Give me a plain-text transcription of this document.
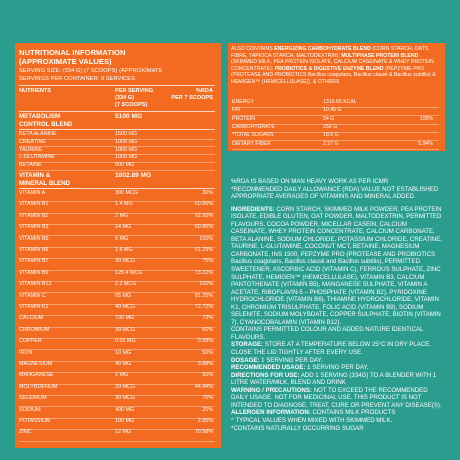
NUTRITIONAL INFORMATION
(APPROXIMATE VALUES)
SERVING SIZE: (334 G) (7 SCOOPS) (APPROXIMATE
SERVINGS PER CONTAINER: 9 SERVICES
NUTRIENTS	PER SERVING
(334 G)
(7 SCOOPS)
%RDA
PER 7 SCOOPS
METABOLISM
CONTROL BLEND
5100 MG
BETA ALANINE	1500 MG
CREATINE	1000 MG
TAURINE	1000 MG
L-GLUTAMINE	1000 MG
BETAINE	600 MG
VITAMIN &
MINERAL BLEND
1802.89 MG
VITAMIN A	300 MCG	30%
VITAMIN B1	1.4 MG	60.86%
VITAMIN B2	2 MG	62.50%
VITAMIN B3	14 MG	60.86%
VITAMIN B5	5 MG	100%
VITAMIN B6	1.6 MG	61.29%
VITAMIN B7	30 MCG	75%
VITAMIN B9	125.4 MCG	73.22%
VITAMIN B12	2.2 MCG	100%
VITAMIN C	65 MG	81.25%
VITAMIN K1	40 MCG	72.72%
CALCIUM	730 MG	73%
CHROMIUM	30 MCG	60%
COPPER	0.01 MG	0.58%
IRON	10 MG	50%
MAGNESIUM	40 MG	9.88%
MANGANESE	2 MG	50%
MOLYBDENUM	20 MCG	44.44%
SELENIUM	30 MCG	75%
SODIUM	400 MG	20%
POTASSIUM	100 MG	2.85%
ZINC	12 MG	70.58%
ALSO CONTAINS ENERGIZING CARBOHYDRATE BLEND (CORN STARCH, OATS FIBRE, TAPIOCA STARCH, MALTODEXTRIN); MULTIPHASE PROTEIN BLEND (SKIMMED MILK, PEA PROTEIN ISOLATE, CALCIUM CASEINATE & WHEY PROTEIN CONCENTRATE); PROBIOTICS & DIGESTIVE ENZYME BLEND (PEPZYME PRO (PROTEASE AND PROBIOTICS Bacillus coagulans, Bacillus clausii & Bacillus subtilis) & HEMIGEN™ (HEMICELLULASE)), & OTHERS
ENERGY	1310.65 KCAL
FAT	10.45 G
PROTEIN	54 G	100%
CARBOHYDRATE	250 G
*TOTAL SUGARS	18.5 G
DIETARY FIBER	2.97 G	5.94%

%RDA IS BASED ON MAN HEAVY WORK AS PER ICMR
*RECOMMENDED DAILY ALLOWANCE (RDA) VALUE NOT ESTABLISHED APPROPRIATE AVERAGES OF VITAMINS AND MINERAL ADDED.

INGREDIENTS: CORN STARCH, SKIMMED MILK POWDER, PEA PROTEIN ISOLATE, EDIBLE GLUTEN, OAT POWDER, MALTODEXTRIN, PERMITTED FLAVOURS, COCOA POWDER, MICELLAR CASEIN, CALCIUM CASEINATE, WHEY PROTEIN CONCENTRATE, CALCIUM CARBONATE, BETA ALANINE, SODIUM CHLORIDE, POTASSIUM CHLORIDE, CREATINE, TAURINE, L-GLUTAMINE, COCONUT MCT, BETAINE, MAGNESIUM CARBONATE, INS 1500, PEPZYME PRO (PROTEASE AND PROBIOTICS Bacillus coagulans, Bacillus clausii and Bacillus subtilis), PERMITTED SWEETENER, ASCORBIC ACID (VITAMIN C), FERROUS SULPHATE, ZINC SULPHATE, HEMIGEN™ (HEMICELLULASE), VITAMIN B3, CALCIUM PANTOTHENATE (VITAMIN B5), MANGANESE SULPHATE, VITAMIN A ACETATE, RIBOFLAVIN-5 – PHOSPHATE (VITAMIN B2), PYRIDOXINE HYDROCHLORIDE (VITAMIN B6), THIAMINE HYDROCHLORIDE, VITAMIN K1, CHROMIUM TRISULPHATE, FOLIC ACID (VITAMIN B9), SODIUM SELENITE, SODIUM MOLYBDATE, COPPER SULPHATE, BIOTIN (VITAMIN 7), CYANOCOBALAMIN (VITAMIN B12).
CONTAINS PERMITTED COLOUR AND ADDED NATURE IDENTICAL FLAVOURS.
STORAGE: STORE AT A TEMPERATURE BELOW 25°C IN DRY PLACE. CLOSE THE LID TIGHTLY AFTER EVERY USE.
DOSAGE: 1 SERVING PER DAY.
RECOMMENDED USAGE: 1 SERVING PER DAY.
DIRECTIONS FOR USE: ADD 1 SERVING (334G) TO A BLENDER WITH 1 LITRE WATER/MILK, BLEND AND DRINK
WARNING / PRECAUTIONS: NOT TO EXCEED THE RECOMMENDED DAILY USAGE. NOT FOR MEDICINAL USE. THIS PRODUCT IS NOT INTENDED TO DIAGNOSE, TREAT, CURE OR PREVENT ANY DISEASE(S).
ALLERGEN INFORMATION: CONTAINS MILK PRODUCTS
^ TYPICAL VALUES WHEN MIXED WITH SKIMMED MILK.
*CONTAINS NATURALLY OCCURRING SUGAR
